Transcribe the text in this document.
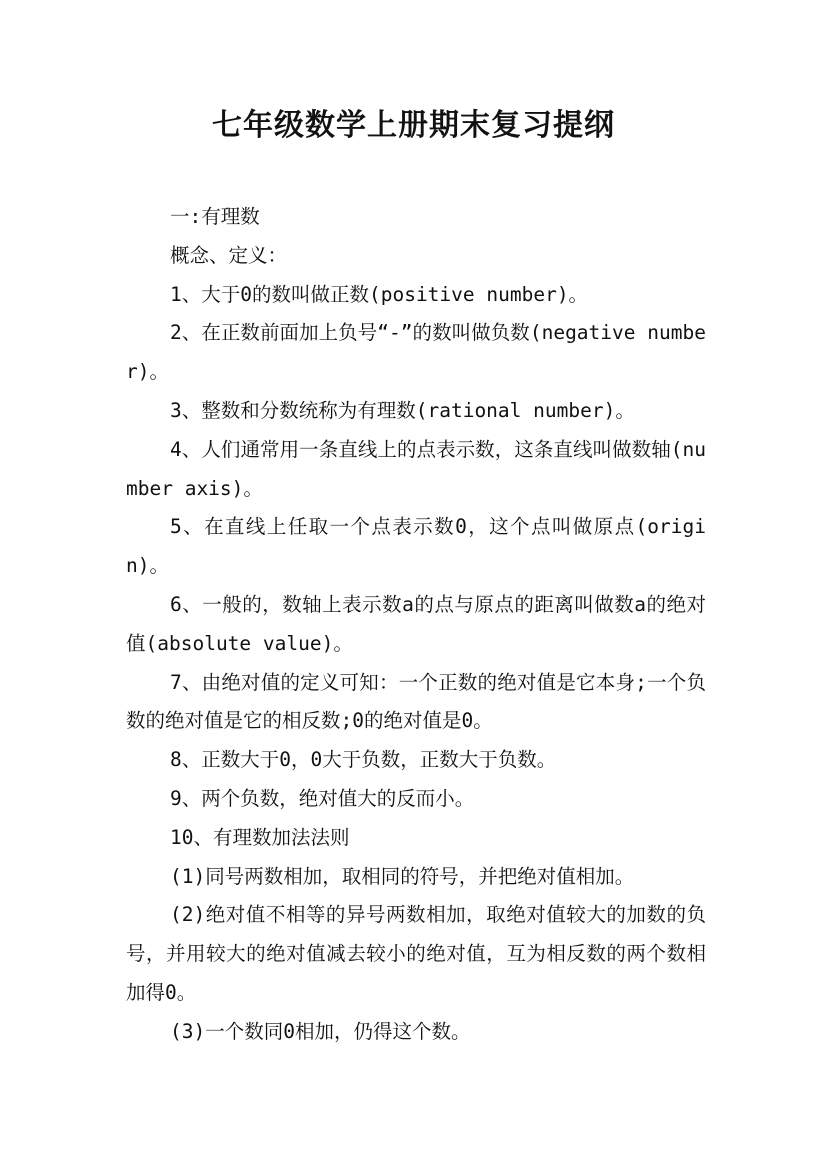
七年级数学上册期末复习提纲

一:有理数

概念、定义：

1、大于0的数叫做正数(positive number)。

2、在正数前面加上负号“-”的数叫做负数(negative number)。

3、整数和分数统称为有理数(rational number)。

4、人们通常用一条直线上的点表示数，这条直线叫做数轴(number axis)。

5、在直线上任取一个点表示数0，这个点叫做原点(origin)。

6、一般的，数轴上表示数a的点与原点的距离叫做数a的绝对值(absolute value)。

7、由绝对值的定义可知：一个正数的绝对值是它本身;一个负数的绝对值是它的相反数;0的绝对值是0。

8、正数大于0，0大于负数，正数大于负数。

9、两个负数，绝对值大的反而小。

10、有理数加法法则

(1)同号两数相加，取相同的符号，并把绝对值相加。

(2)绝对值不相等的异号两数相加，取绝对值较大的加数的负号，并用较大的绝对值减去较小的绝对值，互为相反数的两个数相加得0。

(3)一个数同0相加，仍得这个数。
